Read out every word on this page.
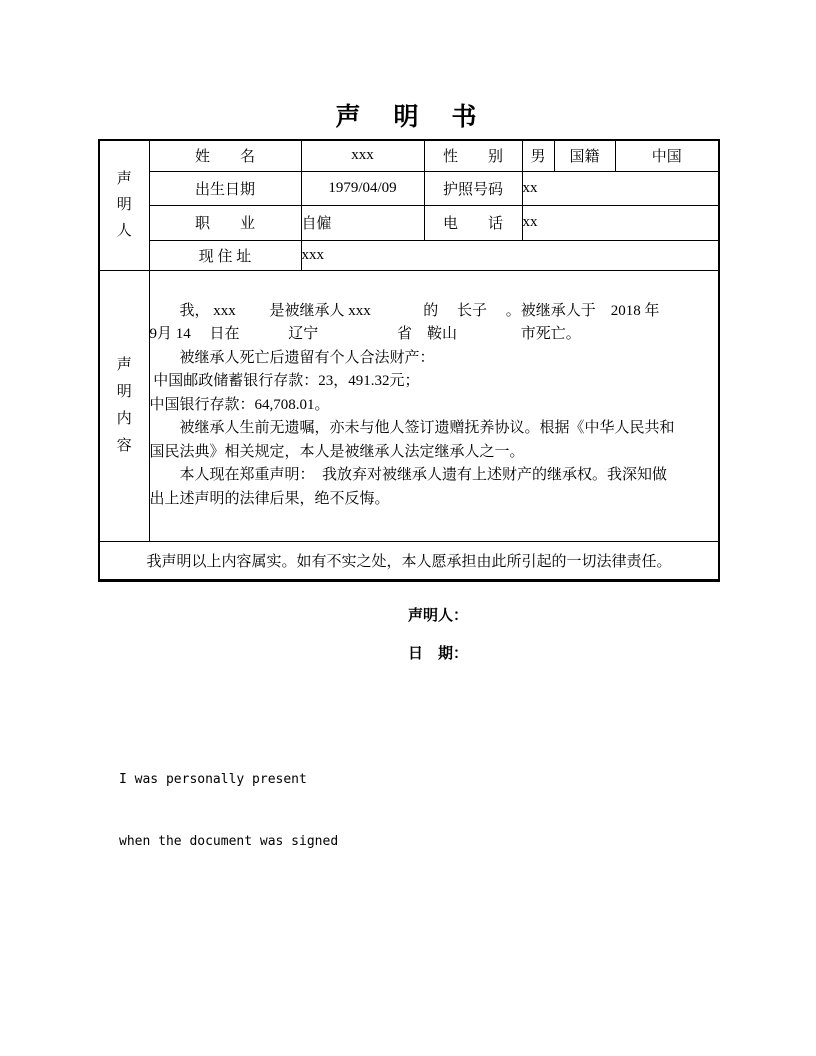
声　明　书
声
明
人	姓　　名	xxx	性　　别	男	国籍	中国
	出生日期	1979/04/09	护照号码	xx		
	职　　业	自僱	电　　话	xx		
	现 住 址	xxx				

声
明
内
容

　　我， xxx 　　是被继承人 xxx 　　　 的　 长子 　。被继承人于　2018 年
9月 14 　日在　　　 辽宁　　　　　 省　鞍山　　　　 市死亡。
　　被继承人死亡后遗留有个人合法财产：
中国邮政储蓄银行存款：23，491.32元；
中国银行存款：64,708.01。
　　被继承人生前无遗嘱，亦未与他人签订遗赠抚养协议。根据《中华人民共和
国民法典》相关规定，本人是被继承人法定继承人之一。
　　本人现在郑重声明：　我放弃对被继承人遗有上述财产的继承权。我深知做
出上述声明的法律后果，绝不反悔。

我声明以上内容属实。如有不实之处，本人愿承担由此所引起的一切法律责任。						
声明人：
日　期：

I was personally present

when the document was signed
